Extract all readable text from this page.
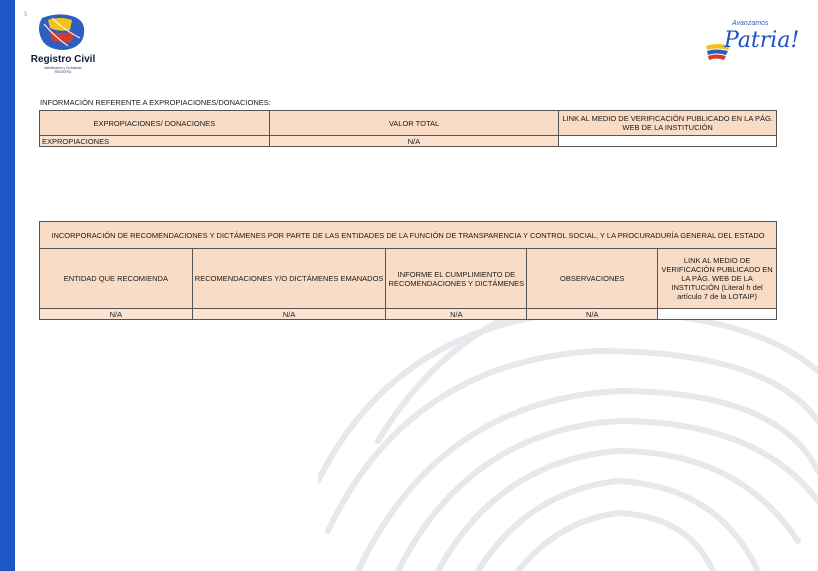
5
Registro Civil
Identificación y Cedulación
REGISTRO
Avanzamos
Patria!
INFORMACIÓN REFERENTE A EXPROPIACIONES/DONACIONES:
EXPROPIACIONES/ DONACIONES	VALOR TOTAL	LINK AL MEDIO DE VERIFICACIÓN PUBLICADO EN LA PÁG. WEB DE LA INSTITUCIÓN
EXPROPIACIONES	N/A	
INCORPORACIÓN DE RECOMENDACIONES Y DICTÁMENES POR PARTE DE LAS ENTIDADES DE LA FUNCIÓN DE TRANSPARENCIA Y CONTROL SOCIAL, Y LA PROCURADURÍA GENERAL DEL ESTADO				
ENTIDAD QUE RECOMIENDA	RECOMENDACIONES Y/O DICTÁMENES EMANADOS	INFORME EL CUMPLIMIENTO DE RECOMENDACIONES Y DICTÁMENES	OBSERVACIONES	LINK AL MEDIO DE VERIFICACIÓN PUBLICADO EN LA PÁG. WEB DE LA INSTITUCIÓN (Literal h del artículo 7 de la LOTAIP)
N/A	N/A	N/A	N/A	
